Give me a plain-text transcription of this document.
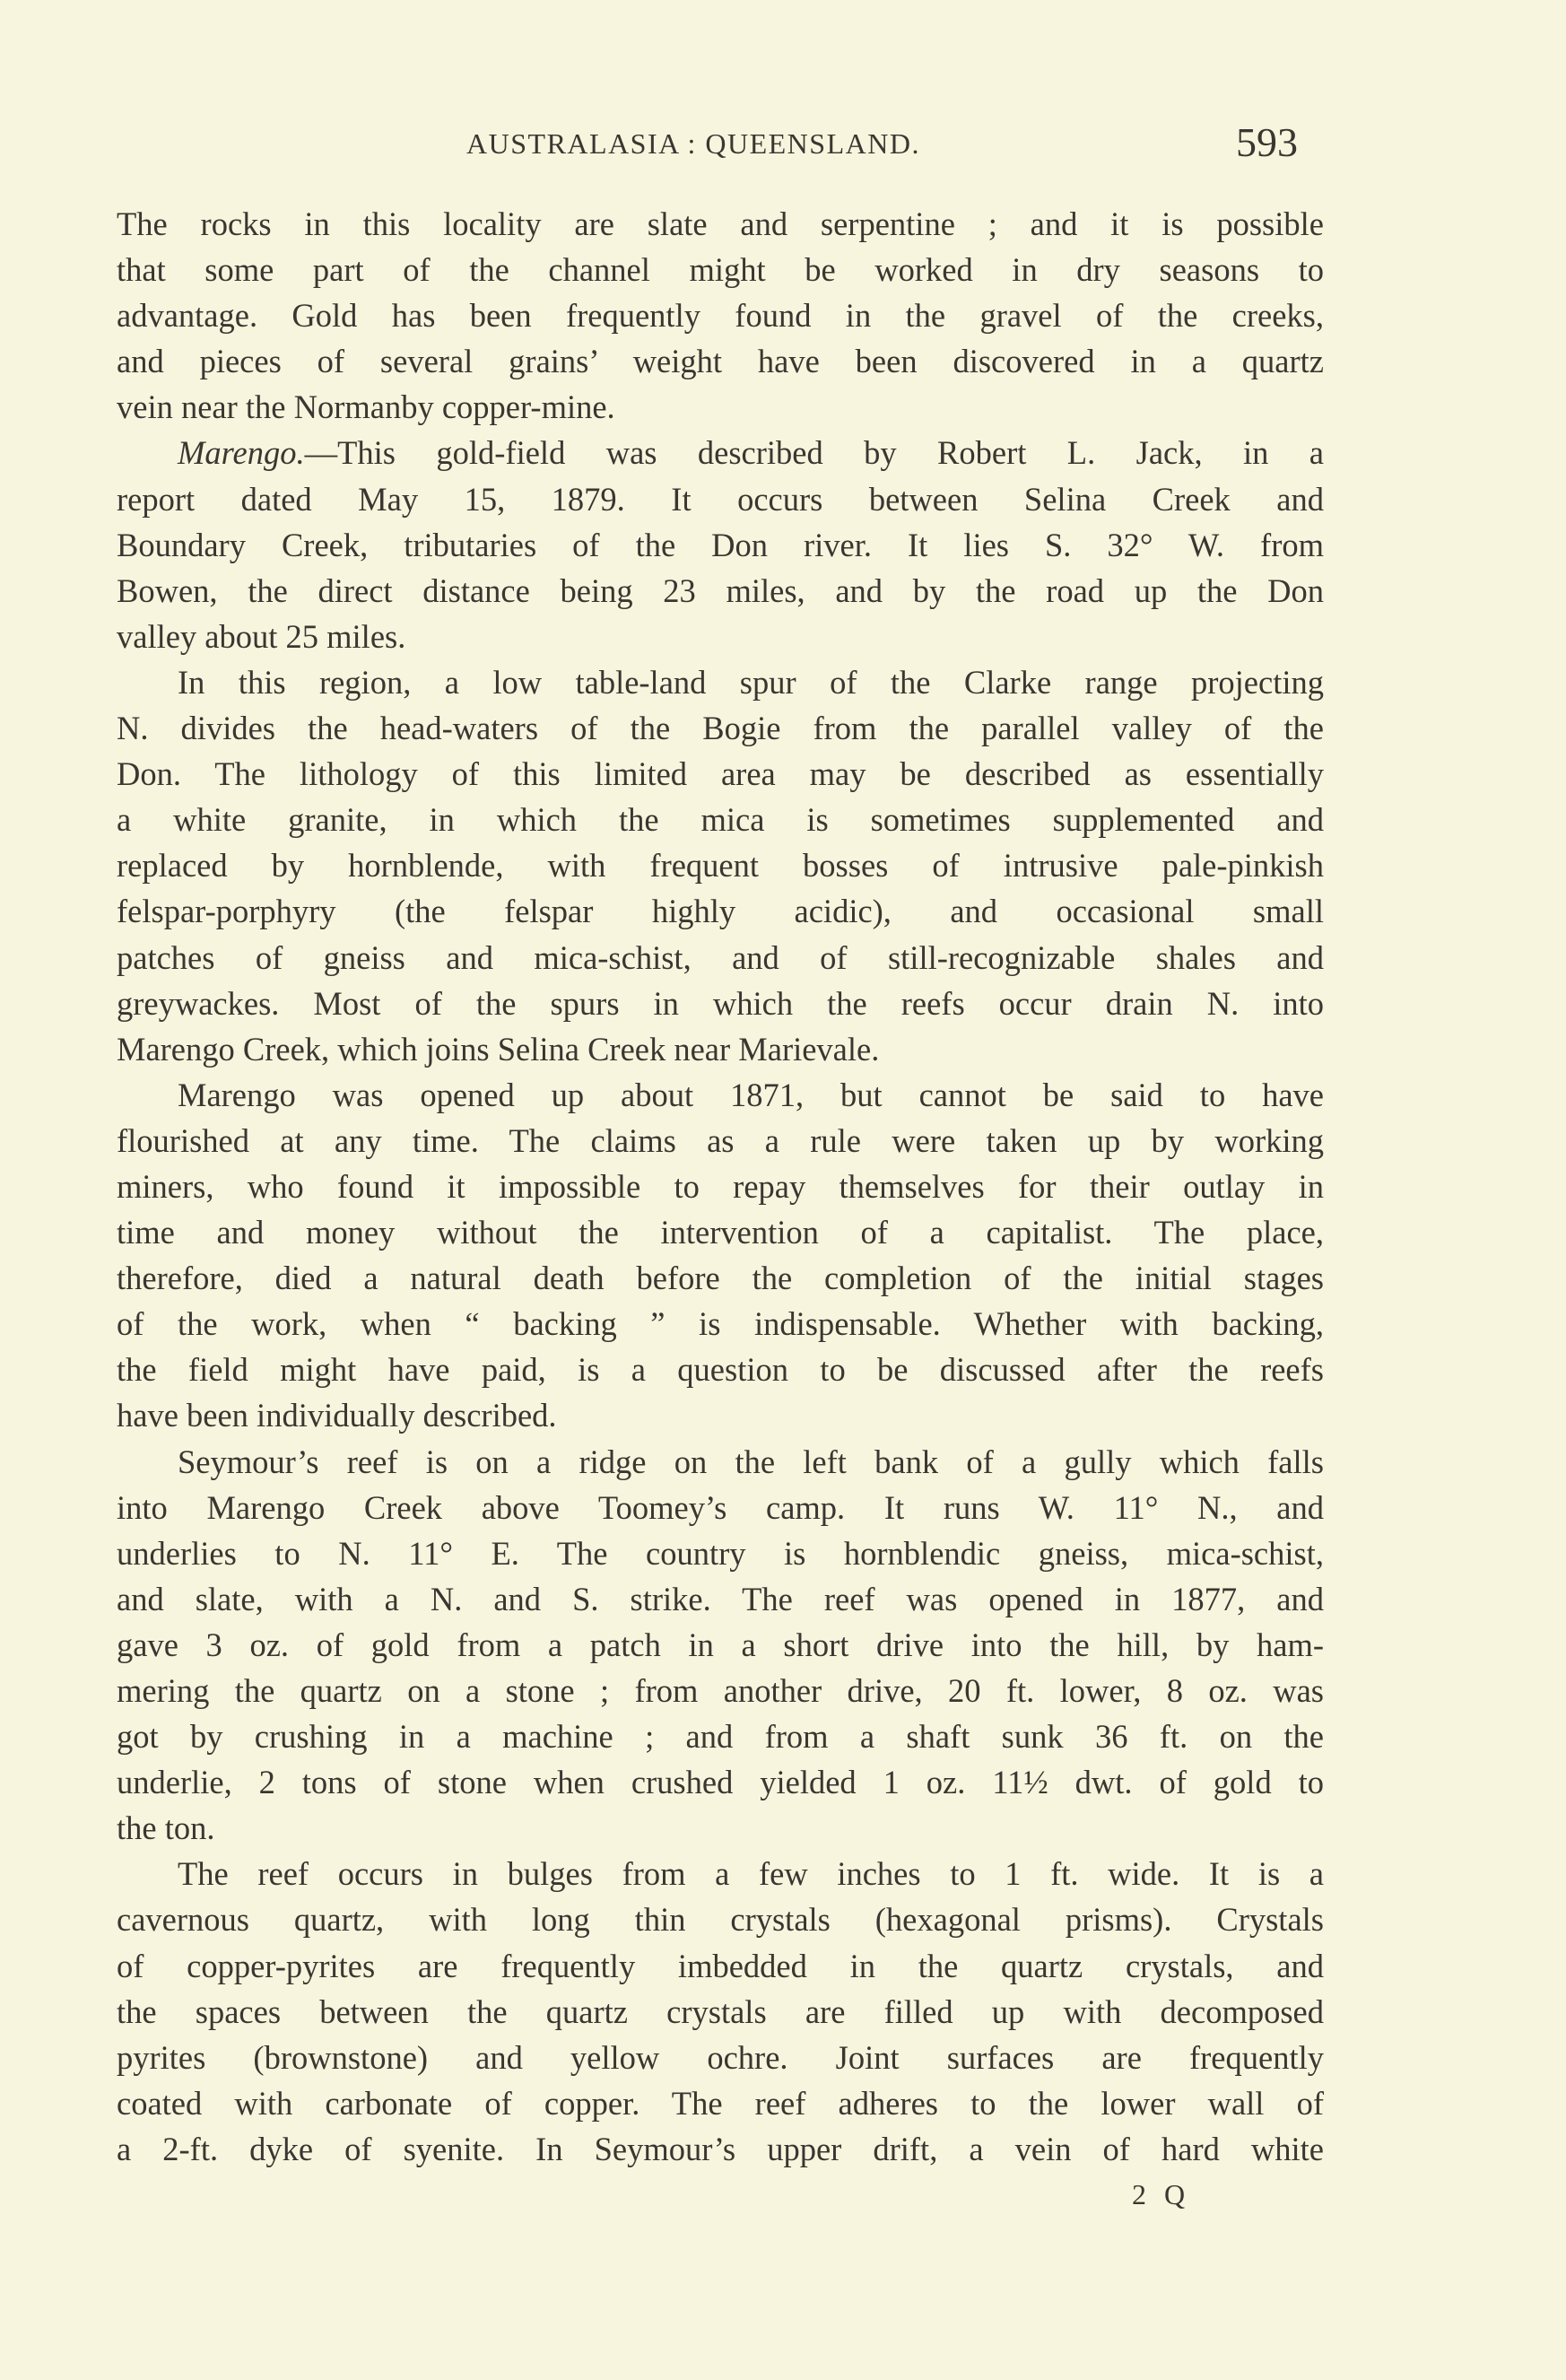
AUSTRALASIA : QUEENSLAND.	593
The rocks in this locality are slate and serpentine ; and it is possible
that some part of the channel might be worked in dry seasons to
advantage. Gold has been frequently found in the gravel of the creeks,
and pieces of several grains’ weight have been discovered in a quartz
vein near the Normanby copper-mine.
Marengo.—This gold-field was described by Robert L. Jack, in a
report dated May 15, 1879. It occurs between Selina Creek and
Boundary Creek, tributaries of the Don river. It lies S. 32° W. from
Bowen, the direct distance being 23 miles, and by the road up the Don
valley about 25 miles.
In this region, a low table-land spur of the Clarke range projecting
N. divides the head-waters of the Bogie from the parallel valley of the
Don. The lithology of this limited area may be described as essentially
a white granite, in which the mica is sometimes supplemented and
replaced by hornblende, with frequent bosses of intrusive pale-pinkish
felspar-porphyry (the felspar highly acidic), and occasional small
patches of gneiss and mica-schist, and of still-recognizable shales and
greywackes. Most of the spurs in which the reefs occur drain N. into
Marengo Creek, which joins Selina Creek near Marievale.
Marengo was opened up about 1871, but cannot be said to have
flourished at any time. The claims as a rule were taken up by working
miners, who found it impossible to repay themselves for their outlay in
time and money without the intervention of a capitalist. The place,
therefore, died a natural death before the completion of the initial stages
of the work, when “ backing ” is indispensable. Whether with backing,
the field might have paid, is a question to be discussed after the reefs
have been individually described.
Seymour’s reef is on a ridge on the left bank of a gully which falls
into Marengo Creek above Toomey’s camp. It runs W. 11° N., and
underlies to N. 11° E. The country is hornblendic gneiss, mica-schist,
and slate, with a N. and S. strike. The reef was opened in 1877, and
gave 3 oz. of gold from a patch in a short drive into the hill, by ham-
mering the quartz on a stone ; from another drive, 20 ft. lower, 8 oz. was
got by crushing in a machine ; and from a shaft sunk 36 ft. on the
underlie, 2 tons of stone when crushed yielded 1 oz. 11½ dwt. of gold to
the ton.
The reef occurs in bulges from a few inches to 1 ft. wide. It is a
cavernous quartz, with long thin crystals (hexagonal prisms). Crystals
of copper-pyrites are frequently imbedded in the quartz crystals, and
the spaces between the quartz crystals are filled up with decomposed
pyrites (brownstone) and yellow ochre. Joint surfaces are frequently
coated with carbonate of copper. The reef adheres to the lower wall of
a 2-ft. dyke of syenite. In Seymour’s upper drift, a vein of hard white
2 Q
